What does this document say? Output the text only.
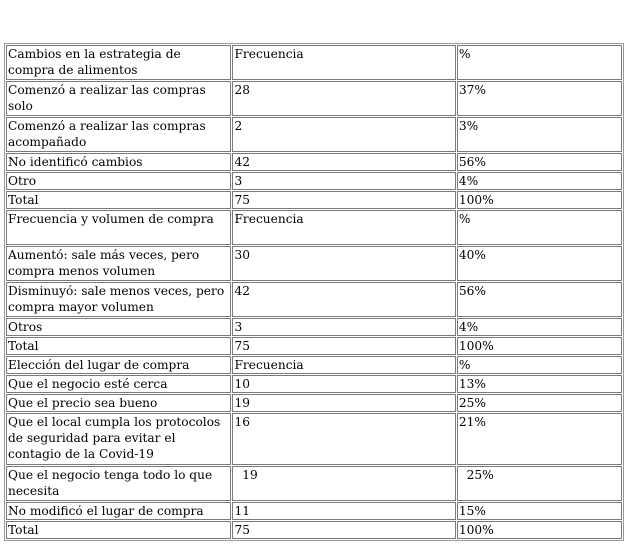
Cambios en la estrategia de compra de alimentos	Frecuencia	%
Comenzó a realizar las compras solo	28	37%
Comenzó a realizar las compras acompañado	2	3%
No identificó cambios	42	56%
Otro	3	4%
Total	75	100%
Frecuencia y volumen de compra	Frecuencia	%
Aumentó: sale más veces, pero compra menos volumen	30	40%
Disminuyó: sale menos veces, pero compra mayor volumen	42	56%
Otros	3	4%
Total	75	100%
Elección del lugar de compra	Frecuencia	%
Que el negocio esté cerca	10	13%
Que el precio sea bueno	19	25%
Que el local cumpla los protocolos de seguridad para evitar el contagio de la Covid-19	16	21%
Que el negocio tenga todo lo que necesita	19	25%
No modificó el lugar de compra	11	15%
Total	75	100%
